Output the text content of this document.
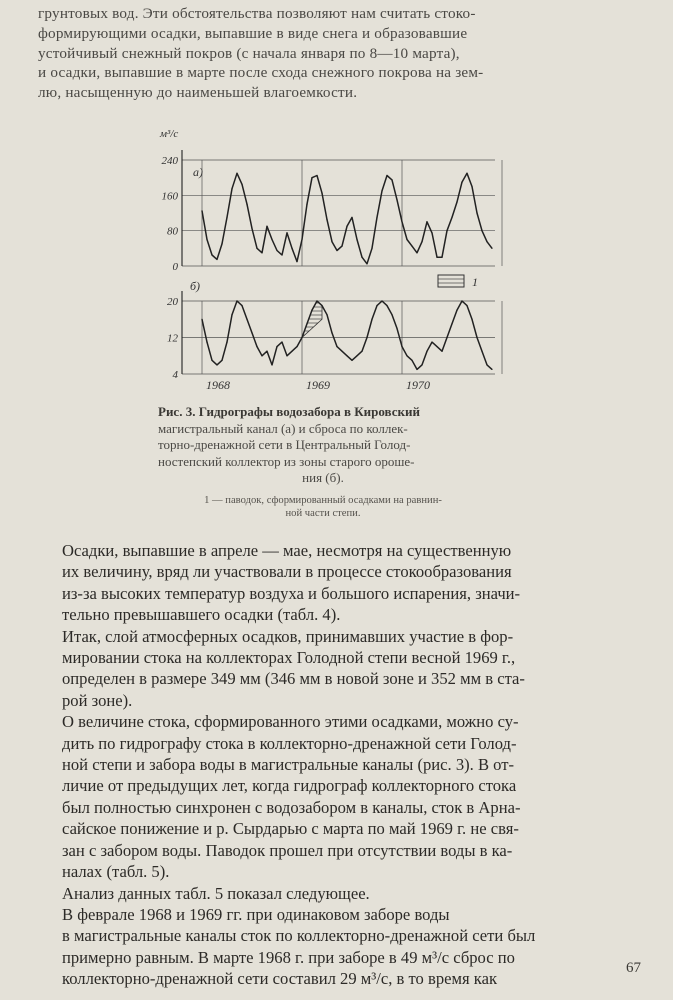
грунтовых вод. Эти обстоятельства позволяют нам считать стоко-
формирующими осадки, выпавшие в виде снега и образовавшие
устойчивый снежный покров (с начала января по 8—10 марта),
и осадки, выпавшие в марте после схода снежного покрова на зем-
лю, насыщенную до наименьшей влагоемкости.
м³/с
а)
б)
0
80
160
240
4
12
20
1968	1969	1970
1
Рис. 3. Гидрографы водозабора в Кировский
магистральный канал (а) и сброса по коллек-
торно-дренажной сети в Центральный Голод-
ностепский коллектор из зоны старого ороше-
ния (б).
1 — паводок, сформированный осадками на равнин-
ной части степи.
Осадки, выпавшие в апреле — мае, несмотря на существенную
их величину, вряд ли участвовали в процессе стокообразования
из-за высоких температур воздуха и большого испарения, значи-
тельно превышавшего осадки (табл. 4).
Итак, слой атмосферных осадков, принимавших участие в фор-
мировании стока на коллекторах Голодной степи весной 1969 г.,
определен в размере 349 мм (346 мм в новой зоне и 352 мм в ста-
рой зоне).
О величине стока, сформированного этими осадками, можно су-
дить по гидрографу стока в коллекторно-дренажной сети Голод-
ной степи и забора воды в магистральные каналы (рис. 3). В от-
личие от предыдущих лет, когда гидрограф коллекторного стока
был полностью синхронен с водозабором в каналы, сток в Арна-
сайское понижение и р. Сырдарью с марта по май 1969 г. не свя-
зан с забором воды. Паводок прошел при отсутствии воды в ка-
налах (табл. 5).
Анализ данных табл. 5 показал следующее.
В феврале 1968 и 1969 гг. при одинаковом заборе воды
в магистральные каналы сток по коллекторно-дренажной сети был
примерно равным. В марте 1968 г. при заборе в 49 м³/с сброс по
коллекторно-дренажной сети составил 29 м³/с, в то время как
67
